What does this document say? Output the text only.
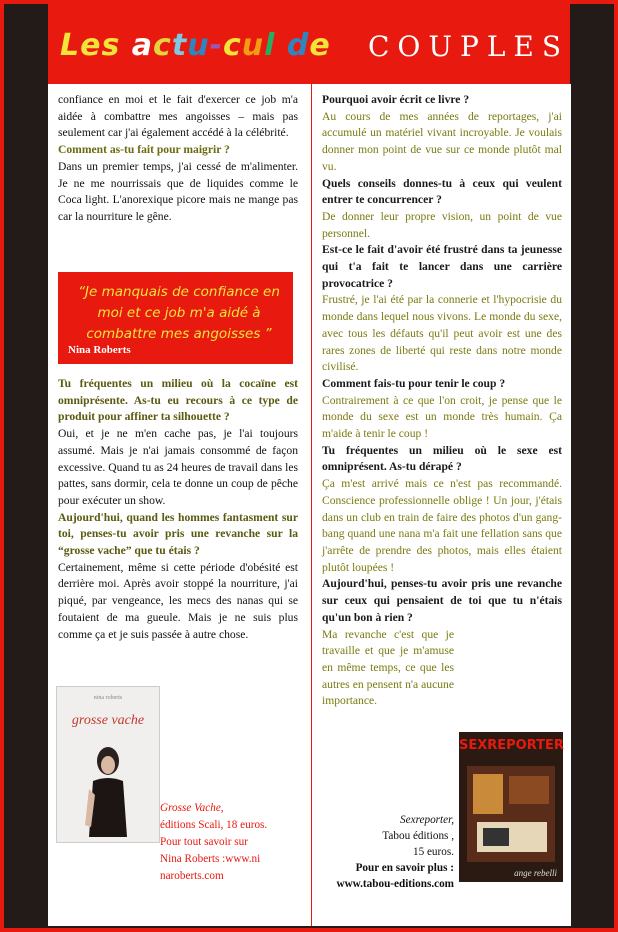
Les actu-cul de COUPLES

confiance en moi et le fait d'exercer ce job m'a aidée à combattre mes angoisses – mais pas seulement car j'ai également accédé à la célébrité.

Comment as-tu fait pour maigrir ?

Dans un premier temps, j'ai cessé de m'alimenter. Je ne me nourrissais que de liquides comme le Coca light. L'anorexique picore mais ne mange pas car la nourriture le gêne.

“Je manquais de confiance en moi et ce job m'a aidé à combattre mes angoisses ”
Nina Roberts

Tu fréquentes un milieu où la cocaïne est omniprésente. As-tu eu recours à ce type de produit pour affiner ta silhouette ?

Oui, et je ne m'en cache pas, je l'ai toujours assumé. Mais je n'ai jamais consommé de façon excessive. Quand tu as 24 heures de travail dans les pattes, sans dormir, cela te donne un coup de pêche pour exécuter un show.

Aujourd'hui, quand les hommes fantasment sur toi, penses-tu avoir pris une revanche sur la “grosse vache” que tu étais ?

Certainement, même si cette période d'obésité est derrière moi. Après avoir stoppé la nourriture, j'ai piqué, par vengeance, les mecs des nanas qui se foutaient de ma gueule. Mais je ne suis plus comme ça et je suis passée à autre chose.

nina roberts
grosse vache
Grosse Vache,
éditions Scali, 18 euros.
Pour tout savoir sur
Nina Roberts :www.ni
naroberts.com

Pourquoi avoir écrit ce livre ?

Au cours de mes années de reportages, j'ai accumulé un matériel vivant incroyable. Je voulais donner mon point de vue sur ce monde plutôt mal vu.

Quels conseils donnes-tu à ceux qui veulent entrer te concurrencer ?

De donner leur propre vision, un point de vue personnel.

Est-ce le fait d'avoir été frustré dans ta jeunesse qui t'a fait te lancer dans une carrière provocatrice ?

Frustré, je l'ai été par la connerie et l'hypocrisie du monde dans lequel nous vivons. Le monde du sexe, avec tous les défauts qu'il peut avoir est une des rares zones de liberté qui reste dans notre monde civilisé.

Comment fais-tu pour tenir le coup ?

Contrairement à ce que l'on croit, je pense que le monde du sexe est un monde très humain. Ça m'aide à tenir le coup !

Tu fréquentes un milieu où le sexe est omniprésent. As-tu dérapé ?

Ça m'est arrivé mais ce n'est pas recommandé. Conscience professionnelle oblige ! Un jour, j'étais dans un club en train de faire des photos d'un gang-bang quand une nana m'a fait une fellation sans que j'arrête de prendre des photos, mais elles étaient plutôt loupées !

Aujourd'hui, penses-tu avoir pris une revanche sur ceux qui pensaient de toi que tu n'étais qu'un bon à rien ?

Ma revanche c'est que je travaille et que je m'amuse en même temps, ce que les autres en pensent n'a aucune importance.

SEXREPORTER
ange rebelli
Sexreporter,
Tabou éditions ,
15 euros.
Pour en savoir plus :
www.tabou-editions.com
